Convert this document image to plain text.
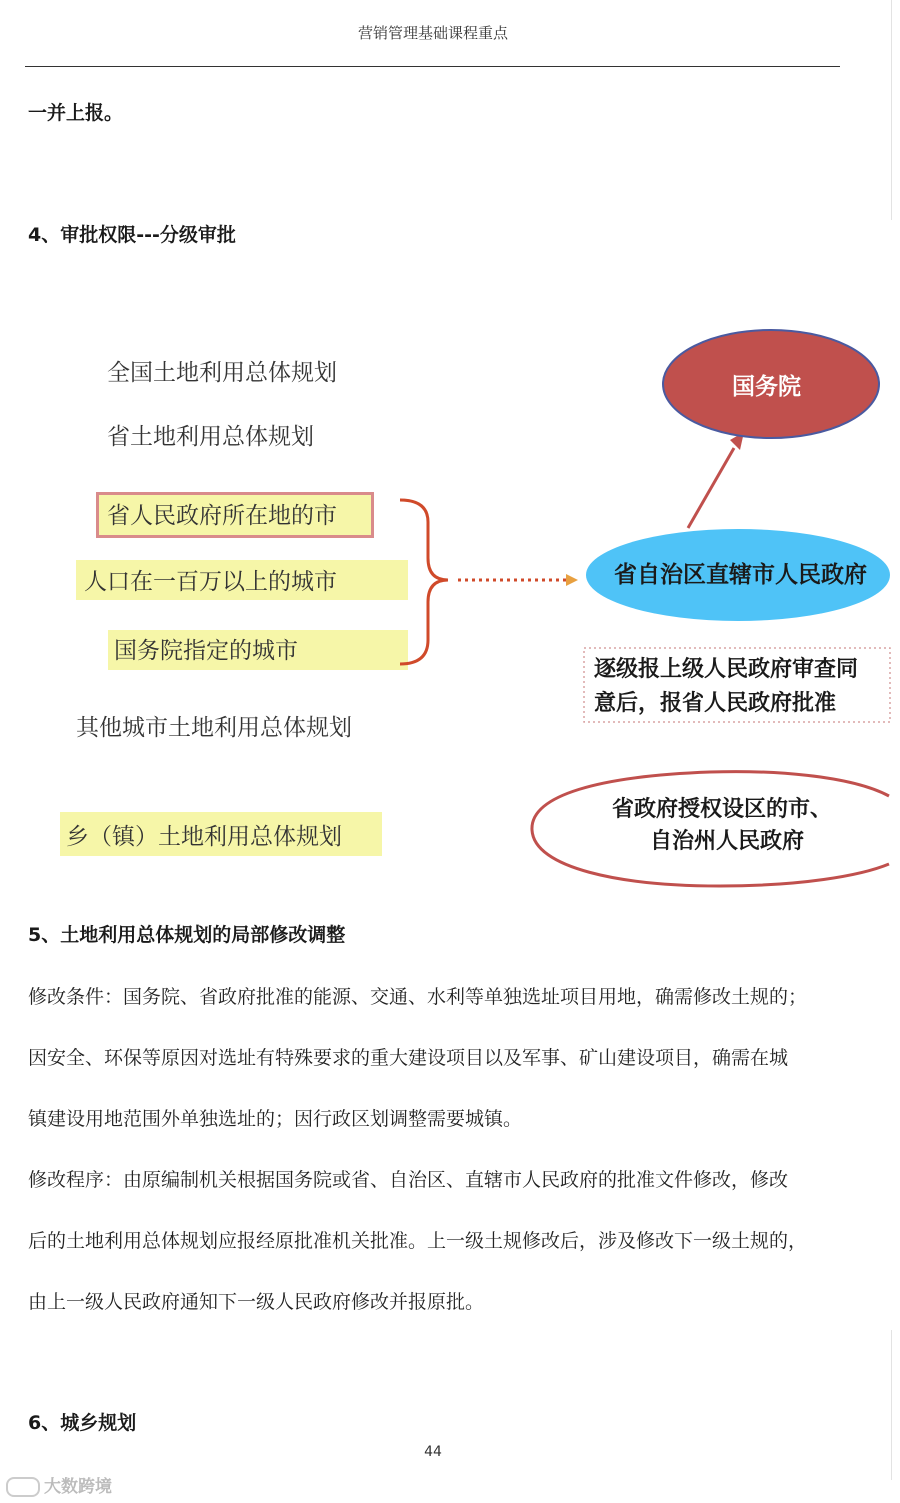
营销管理基础课程重点
一并上报。
4、审批权限---分级审批
全国土地利用总体规划
省土地利用总体规划
省人民政府所在地的市
人口在一百万以上的城市
国务院指定的城市
其他城市土地利用总体规划
乡（镇）土地利用总体规划
国务院
省自治区直辖市人民政府
逐级报上级人民政府审查同
意后，报省人民政府批准
省政府授权设区的市、
自治州人民政府
5、土地利用总体规划的局部修改调整
修改条件：国务院、省政府批准的能源、交通、水利等单独选址项目用地，确需修改土规的；
因安全、环保等原因对选址有特殊要求的重大建设项目以及军事、矿山建设项目，确需在城
镇建设用地范围外单独选址的；因行政区划调整需要城镇。
修改程序：由原编制机关根据国务院或省、自治区、直辖市人民政府的批准文件修改，修改
后的土地利用总体规划应报经原批准机关批准。上一级土规修改后，涉及修改下一级土规的，
由上一级人民政府通知下一级人民政府修改并报原批。
6、城乡规划
44
大数跨境
